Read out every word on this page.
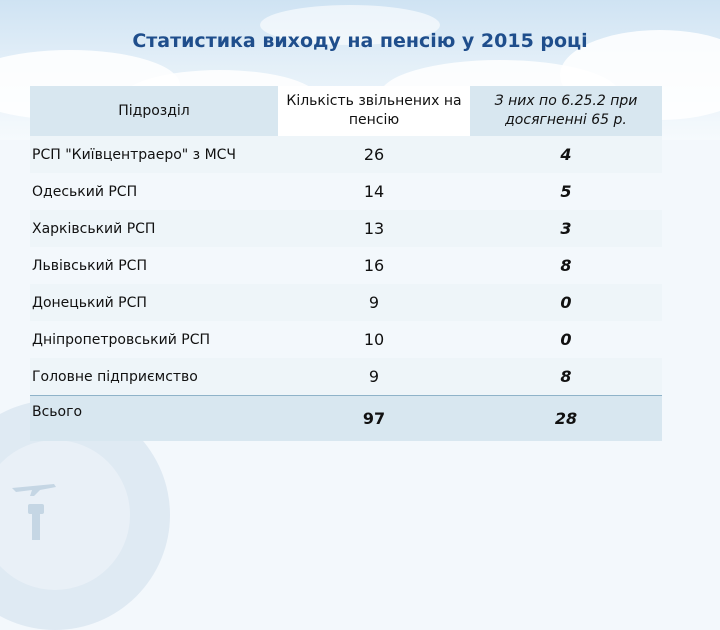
Статистика виходу на пенсію у 2015 році
Підрозділ	Кількість звільнених на пенсію	З них по 6.25.2 при досягненні 65 р.
РСП "Київцентраеро" з МСЧ	26	4
Одеський РСП	14	5
Харківський РСП	13	3
Львівський РСП	16	8
Донецький РСП	9	0
Дніпропетровський РСП	10	0
Головне підприємство	9	8
Всього	97	28
